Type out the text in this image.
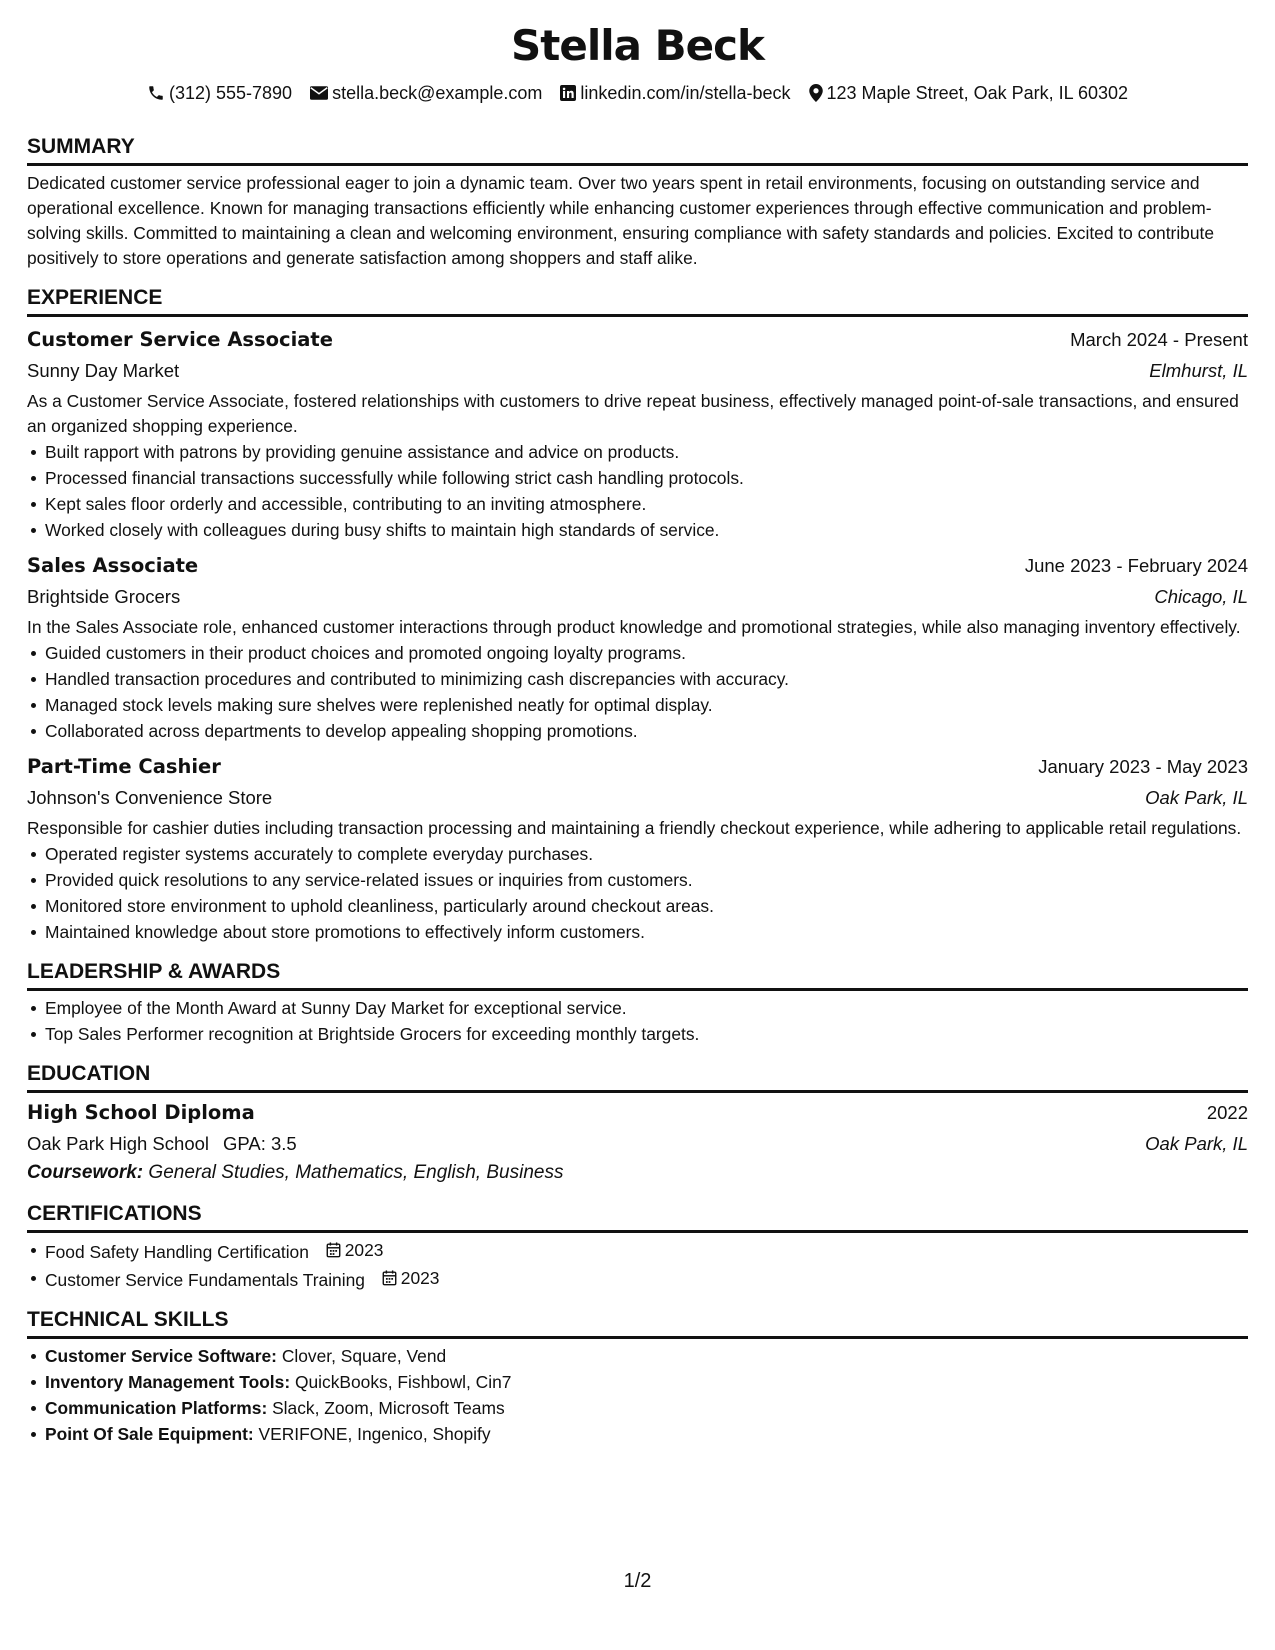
Stella Beck
(312) 555-7890 stella.beck@example.com linkedin.com/in/stella-beck 123 Maple Street, Oak Park, IL 60302
SUMMARY

Dedicated customer service professional eager to join a dynamic team. Over two years spent in retail environments, focusing on outstanding service and operational excellence. Known for managing transactions efficiently while enhancing customer experiences through effective communication and problem-solving skills. Committed to maintaining a clean and welcoming environment, ensuring compliance with safety standards and policies. Excited to contribute positively to store operations and generate satisfaction among shoppers and staff alike.

EXPERIENCE
Customer Service Associate	March 2024 - Present
Sunny Day Market	Elmhurst, IL

As a Customer Service Associate, fostered relationships with customers to drive repeat business, effectively managed point-of-sale transactions, and ensured an organized shopping experience.

Built rapport with patrons by providing genuine assistance and advice on products.
Processed financial transactions successfully while following strict cash handling protocols.
Kept sales floor orderly and accessible, contributing to an inviting atmosphere.
Worked closely with colleagues during busy shifts to maintain high standards of service.
Sales Associate	June 2023 - February 2024
Brightside Grocers	Chicago, IL

In the Sales Associate role, enhanced customer interactions through product knowledge and promotional strategies, while also managing inventory effectively.

Guided customers in their product choices and promoted ongoing loyalty programs.
Handled transaction procedures and contributed to minimizing cash discrepancies with accuracy.
Managed stock levels making sure shelves were replenished neatly for optimal display.
Collaborated across departments to develop appealing shopping promotions.
Part-Time Cashier	January 2023 - May 2023
Johnson's Convenience Store	Oak Park, IL

Responsible for cashier duties including transaction processing and maintaining a friendly checkout experience, while adhering to applicable retail regulations.

Operated register systems accurately to complete everyday purchases.
Provided quick resolutions to any service-related issues or inquiries from customers.
Monitored store environment to uphold cleanliness, particularly around checkout areas.
Maintained knowledge about store promotions to effectively inform customers.
LEADERSHIP & AWARDS
Employee of the Month Award at Sunny Day Market for exceptional service.
Top Sales Performer recognition at Brightside Grocers for exceeding monthly targets.
EDUCATION
High School Diploma	2022
Oak Park High School GPA: 3.5	Oak Park, IL
Coursework: General Studies, Mathematics, English, Business
CERTIFICATIONS
Food Safety Handling Certification 2023
Customer Service Fundamentals Training 2023
TECHNICAL SKILLS
Customer Service Software: Clover, Square, Vend
Inventory Management Tools: QuickBooks, Fishbowl, Cin7
Communication Platforms: Slack, Zoom, Microsoft Teams
Point Of Sale Equipment: VERIFONE, Ingenico, Shopify
1/2
